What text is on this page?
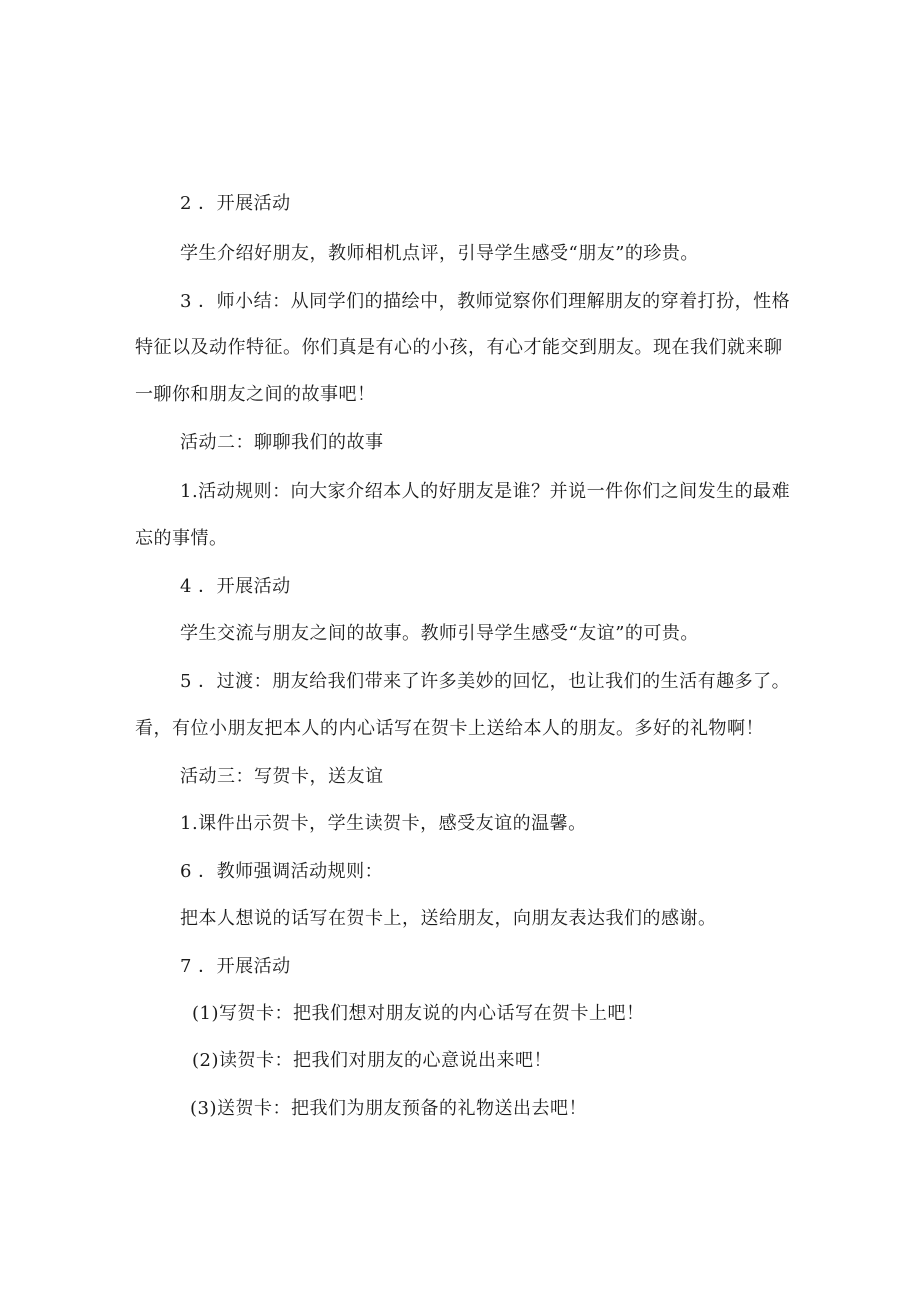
2 ．开展活动
学生介绍好朋友，教师相机点评，引导学生感受“朋友”的珍贵。
3 ．师小结：从同学们的描绘中，教师觉察你们理解朋友的穿着打扮，性格
特征以及动作特征。你们真是有心的小孩，有心才能交到朋友。现在我们就来聊
一聊你和朋友之间的故事吧！
活动二：聊聊我们的故事
1.活动规则：向大家介绍本人的好朋友是谁？并说一件你们之间发生的最难
忘的事情。
4 ．开展活动
学生交流与朋友之间的故事。教师引导学生感受“友谊”的可贵。
5 ．过渡：朋友给我们带来了许多美妙的回忆，也让我们的生活有趣多了。
看，有位小朋友把本人的内心话写在贺卡上送给本人的朋友。多好的礼物啊！
活动三：写贺卡，送友谊
1.课件出示贺卡，学生读贺卡，感受友谊的温馨。
6 ．教师强调活动规则：
把本人想说的话写在贺卡上，送给朋友，向朋友表达我们的感谢。
7 ．开展活动
(1)写贺卡：把我们想对朋友说的内心话写在贺卡上吧！
(2)读贺卡：把我们对朋友的心意说出来吧！
(3)送贺卡：把我们为朋友预备的礼物送出去吧！
